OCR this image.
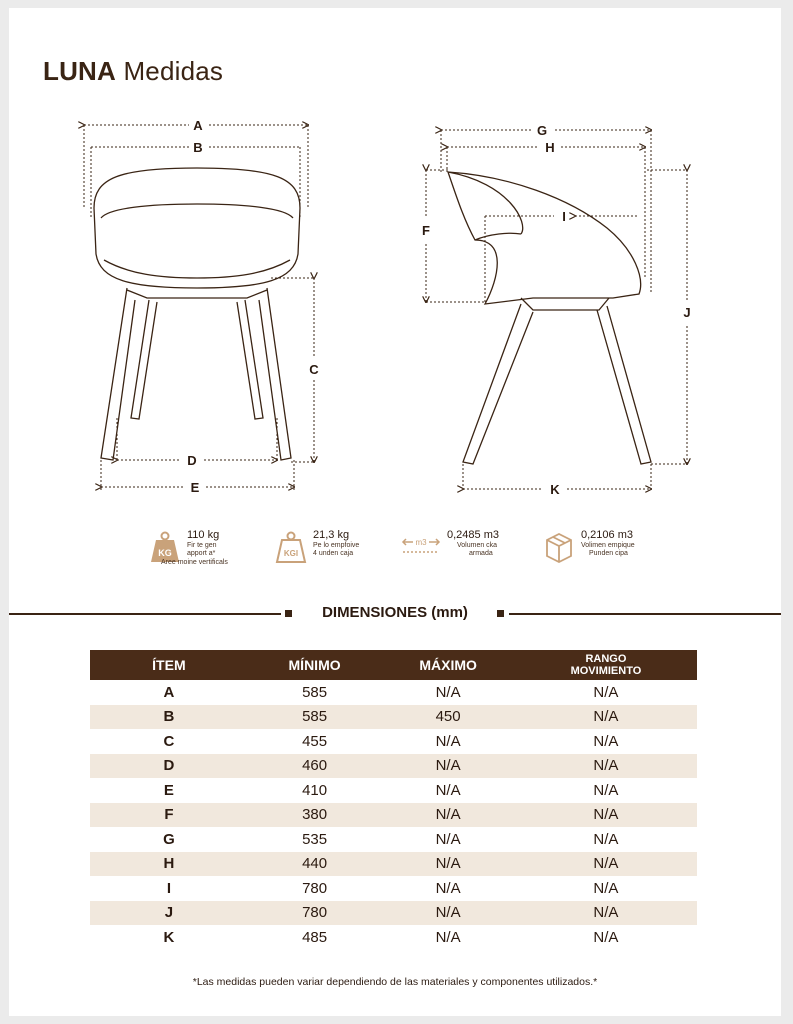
LUNA Medidas
A
B
C
D
E
G
H
F
I
J
K
KG
110 kg
Fir te gen
apport a*
Aree moine vertificals
KGI
21,3 kg
Pe lo empfoive
4 unden caja
m3
0,2485 m3
Volumen cka
armada
0,2106 m3
Volimen empique
Punden cipa
DIMENSIONES (mm)
ÍTEM	MÍNIMO	MÁXIMO	RANGO MOVIMIENTO
A	585	N/A	N/A
B	585	450	N/A
C	455	N/A	N/A
D	460	N/A	N/A
E	410	N/A	N/A
F	380	N/A	N/A
G	535	N/A	N/A
H	440	N/A	N/A
I	780	N/A	N/A
J	780	N/A	N/A
K	485	N/A	N/A
*Las medidas pueden variar dependiendo de las materiales y componentes utilizados.*
